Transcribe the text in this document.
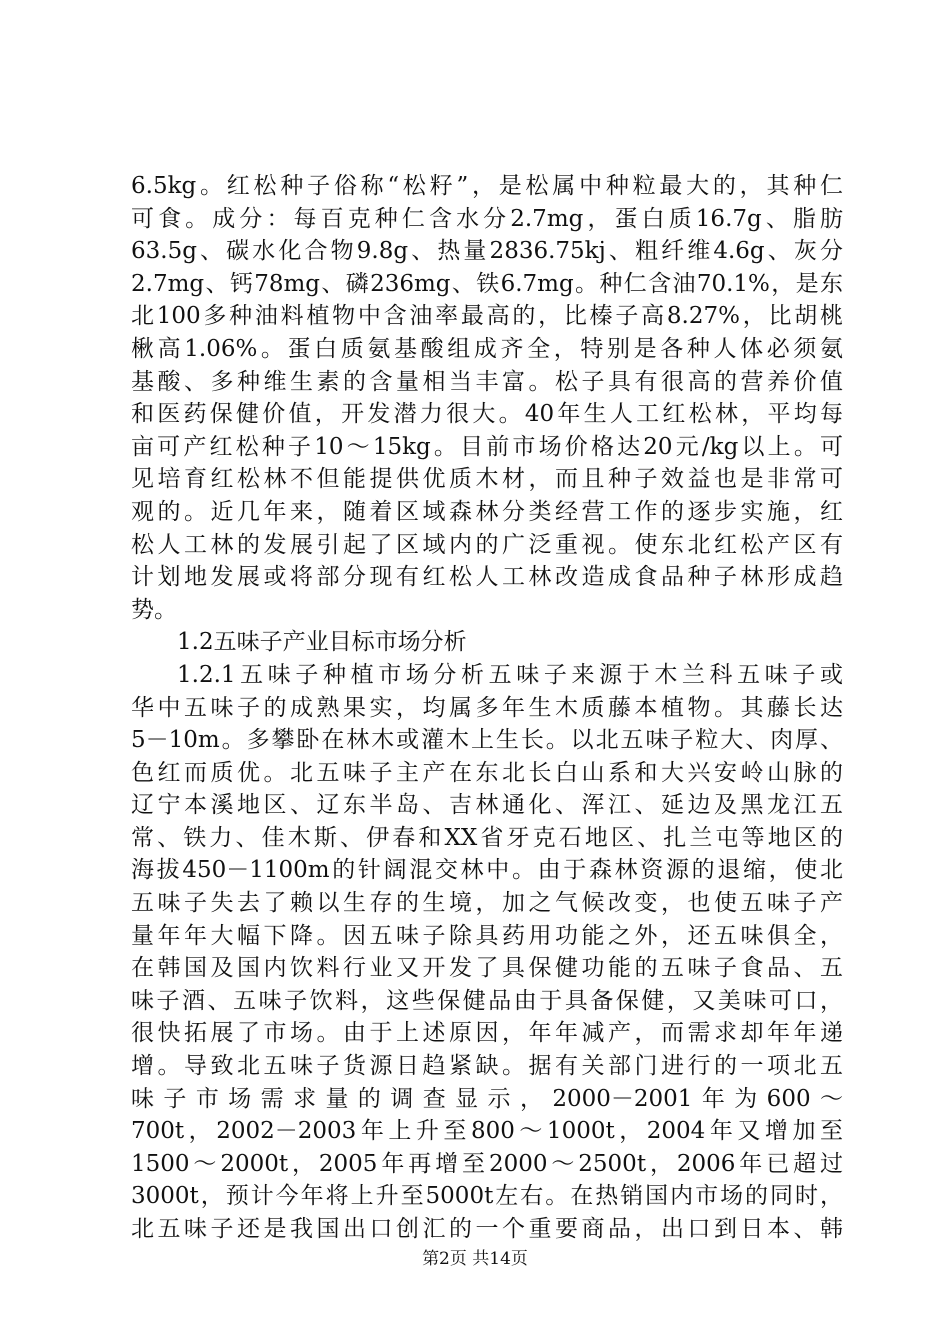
6.5kg。红松种子俗称“松籽”，是松属中种粒最大的，其种仁
可食。成分：每百克种仁含水分2.7mg，蛋白质16.7g、脂肪
63.5g、碳水化合物9.8g、热量2836.75kj、粗纤维4.6g、灰分
2.7mg、钙78mg、磷236mg、铁6.7mg。种仁含油70.1%，是东
北100多种油料植物中含油率最高的，比榛子高8.27%，比胡桃
楸高1.06%。蛋白质氨基酸组成齐全，特别是各种人体必须氨
基酸、多种维生素的含量相当丰富。松子具有很高的营养价值
和医药保健价值，开发潜力很大。40年生人工红松林，平均每
亩可产红松种子10～15kg。目前市场价格达20元/kg以上。可
见培育红松林不但能提供优质木材，而且种子效益也是非常可
观的。近几年来，随着区域森林分类经营工作的逐步实施，红
松人工林的发展引起了区域内的广泛重视。使东北红松产区有
计划地发展或将部分现有红松人工林改造成食品种子林形成趋
势。
1.2五味子产业目标市场分析
1.2.1五味子种植市场分析五味子来源于木兰科五味子或
华中五味子的成熟果实，均属多年生木质藤本植物。其藤长达
5－10m。多攀卧在林木或灌木上生长。以北五味子粒大、肉厚、
色红而质优。北五味子主产在东北长白山系和大兴安岭山脉的
辽宁本溪地区、辽东半岛、吉林通化、浑江、延边及黑龙江五
常、铁力、佳木斯、伊春和XX省牙克石地区、扎兰屯等地区的
海拔450－1100m的针阔混交林中。由于森林资源的退缩，使北
五味子失去了赖以生存的生境，加之气候改变，也使五味子产
量年年大幅下降。因五味子除具药用功能之外，还五味俱全，
在韩国及国内饮料行业又开发了具保健功能的五味子食品、五
味子酒、五味子饮料，这些保健品由于具备保健，又美味可口，
很快拓展了市场。由于上述原因，年年减产，而需求却年年递
增。导致北五味子货源日趋紧缺。据有关部门进行的一项北五
味子市场需求量的调查显示，2000－2001年为600～
700t，2002－2003年上升至800～1000t，2004年又增加至
1500～2000t，2005年再增至2000～2500t，2006年已超过
3000t，预计今年将上升至5000t左右。在热销国内市场的同时，
北五味子还是我国出口创汇的一个重要商品，出口到日本、韩
第2页 共14页
